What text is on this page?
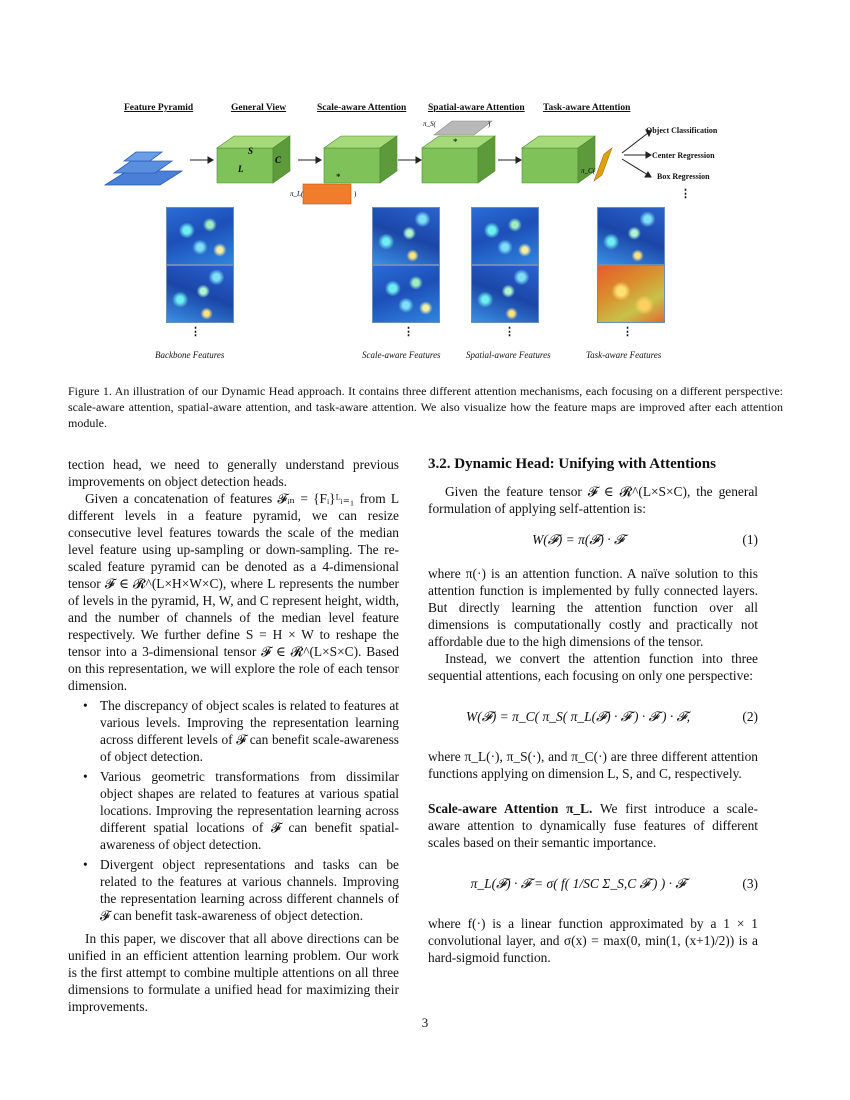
Feature Pyramid	General View	Scale-aware Attention Spatial-aware Attention Task-aware Attention
S
L
C
*
*
π_S(	)
π_C(
π_L(	)
Object Classification
Center Regression
Box Regression
⋮
⋮	⋮	⋮	⋮
Backbone Features	Scale-aware Features	Spatial-aware Features	Task-aware Features
Figure 1. An illustration of our Dynamic Head approach. It contains three different attention mechanisms, each focusing on a different perspective: scale-aware attention, spatial-aware attention, and task-aware attention. We also visualize how the feature maps are improved after each attention module.

tection head, we need to generally understand previous improvements on object detection heads.

Given a concatenation of features 𝓕ᵢₙ = {Fᵢ}ᴸᵢ₌₁ from L different levels in a feature pyramid, we can resize consecutive level features towards the scale of the median level feature using up-sampling or down-sampling. The re-scaled feature pyramid can be denoted as a 4-dimensional tensor 𝓕 ∈ 𝓡^(L×H×W×C), where L represents the number of levels in the pyramid, H, W, and C represent height, width, and the number of channels of the median level feature respectively. We further define S = H × W to reshape the tensor into a 3-dimensional tensor 𝓕 ∈ 𝓡^(L×S×C). Based on this representation, we will explore the role of each tensor dimension.

• The discrepancy of object scales is related to features at various levels. Improving the representation learning across different levels of 𝓕 can benefit scale-awareness of object detection.
• Various geometric transformations from dissimilar object shapes are related to features at various spatial locations. Improving the representation learning across different spatial locations of 𝓕 can benefit spatial-awareness of object detection.
• Divergent object representations and tasks can be related to the features at various channels. Improving the representation learning across different channels of 𝓕 can benefit task-awareness of object detection.

In this paper, we discover that all above directions can be unified in an efficient attention learning problem. Our work is the first attempt to combine multiple attentions on all three dimensions to formulate a unified head for maximizing their improvements.

3.2. Dynamic Head: Unifying with Attentions

Given the feature tensor 𝓕 ∈ 𝓡^(L×S×C), the general formulation of applying self-attention is:

W(𝓕) = π(𝓕) · 𝓕	(1)

where π(·) is an attention function. A naïve solution to this attention function is implemented by fully connected layers. But directly learning the attention function over all dimensions is computationally costly and practically not affordable due to the high dimensions of the tensor.

Instead, we convert the attention function into three sequential attentions, each focusing on only one perspective:

W(𝓕) = π_C( π_S( π_L(𝓕) · 𝓕 ) · 𝓕 ) · 𝓕,	(2)

where π_L(·), π_S(·), and π_C(·) are three different attention functions applying on dimension L, S, and C, respectively.

Scale-aware Attention π_L. We first introduce a scale-aware attention to dynamically fuse features of different scales based on their semantic importance.

π_L(𝓕) · 𝓕 = σ( f( 1/SC Σ_S,C 𝓕 ) ) · 𝓕	(3)

where f(·) is a linear function approximated by a 1 × 1 convolutional layer, and σ(x) = max(0, min(1, (x+1)/2)) is a hard-sigmoid function.

3
